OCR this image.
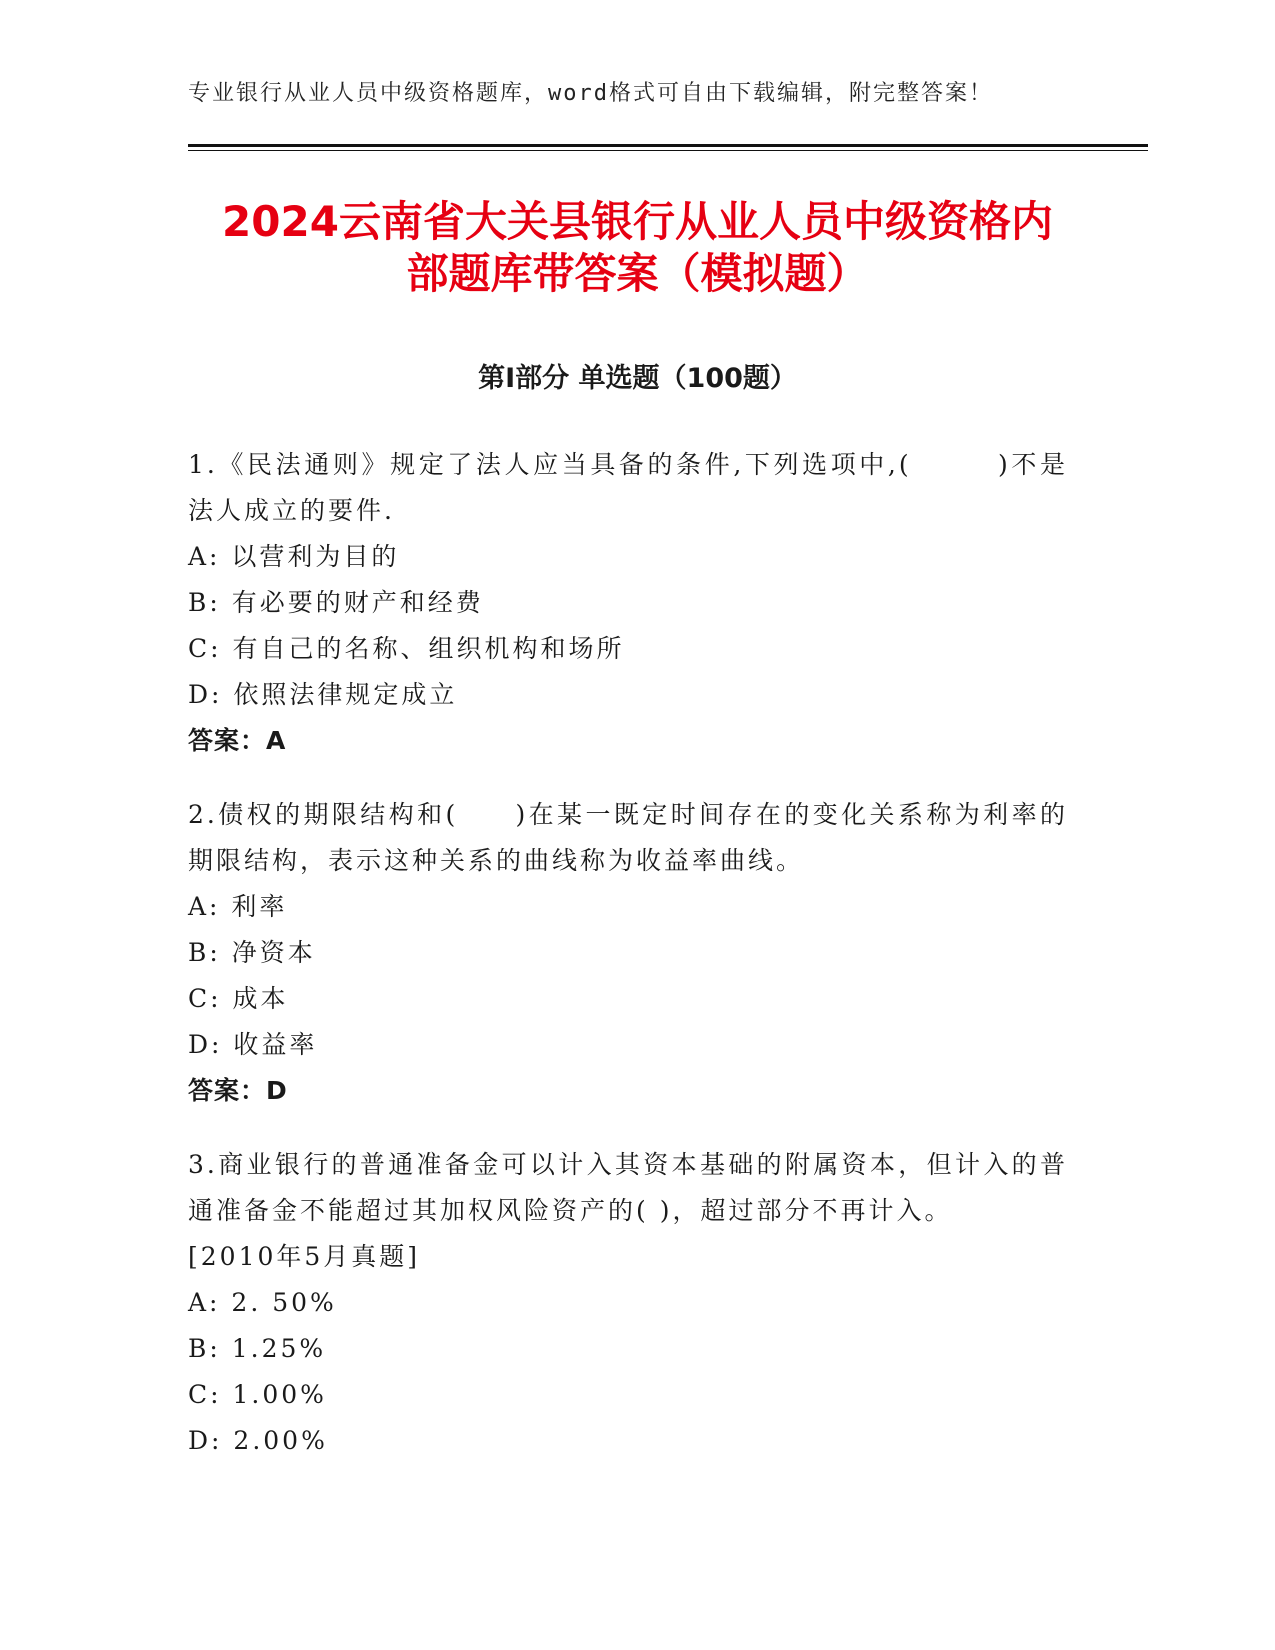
专业银行从业人员中级资格题库，word格式可自由下载编辑，附完整答案！
2024云南省大关县银行从业人员中级资格内
部题库带答案（模拟题）
第Ⅰ部分 单选题（100题）

1.《民法通则》规定了法人应当具备的条件,下列选项中,(　　　)不是法人成立的要件.

A: 以营利为目的

B: 有必要的财产和经费

C: 有自己的名称、组织机构和场所

D: 依照法律规定成立

答案：A

2.债权的期限结构和(　　)在某一既定时间存在的变化关系称为利率的期限结构，表示这种关系的曲线称为收益率曲线。

A: 利率

B: 净资本

C: 成本

D: 收益率

答案：D

3.商业银行的普通准备金可以计入其资本基础的附属资本，但计入的普通准备金不能超过其加权风险资产的( )，超过部分不再计入。

[2010年5月真题]

A: 2. 50%

B: 1.25%

C: 1.00%

D: 2.00%
